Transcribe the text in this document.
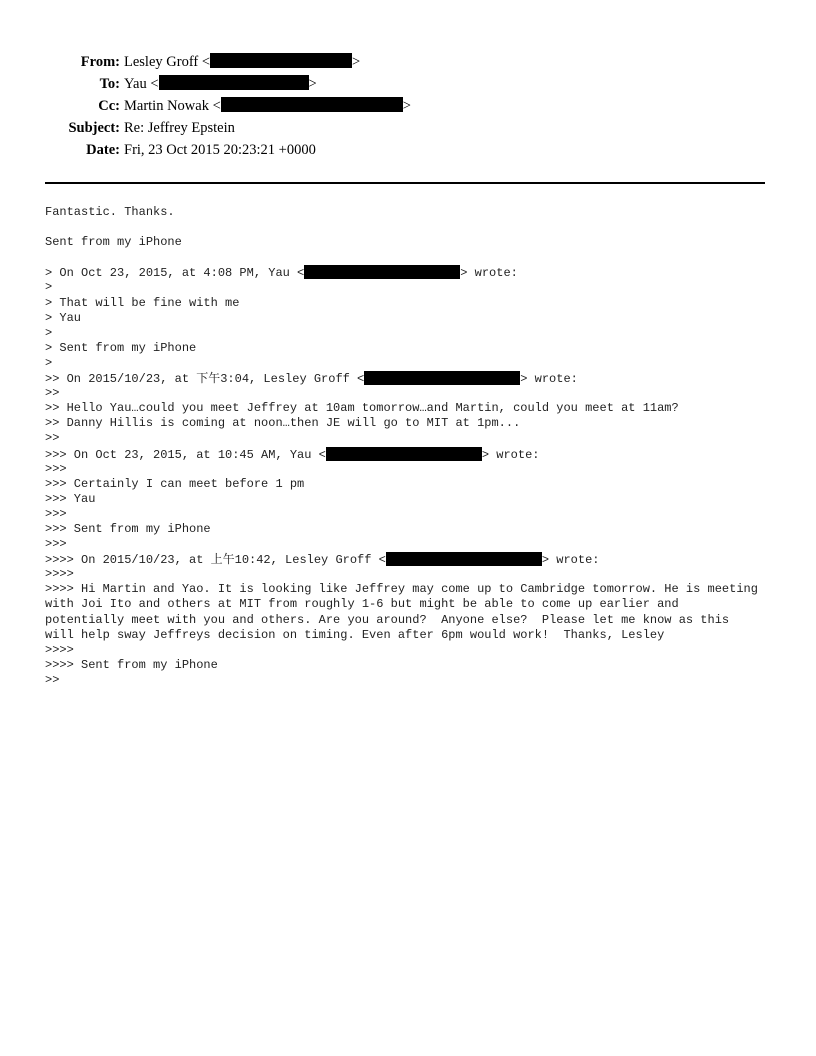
From: Lesley Groff <	>
To: Yau <	>
Cc: Martin Nowak <	>
Subject: Re: Jeffrey Epstein
Date: Fri, 23 Oct 2015 20:23:21 +0000
Fantastic. Thanks.
Sent from my iPhone
> On Oct 23, 2015, at 4:08 PM, Yau <	> wrote:
>
> That will be fine with me
> Yau
>
> Sent from my iPhone
>
>> On 2015/10/23, at 下午3:04, Lesley Groff <	> wrote:
>>
>> Hello Yau…could you meet Jeffrey at 10am tomorrow…and Martin, could you meet at 11am?
>> Danny Hillis is coming at noon…then JE will go to MIT at 1pm...
>>
>>> On Oct 23, 2015, at 10:45 AM, Yau <	> wrote:
>>>
>>> Certainly I can meet before 1 pm
>>> Yau
>>>
>>> Sent from my iPhone
>>>
>>>> On 2015/10/23, at 上午10:42, Lesley Groff <	> wrote:
>>>>
>>>> Hi Martin and Yao. It is looking like Jeffrey may come up to Cambridge tomorrow. He is meeting with Joi Ito and others at MIT from roughly 1-6 but might be able to come up earlier and potentially meet with you and others. Are you around?  Anyone else?  Please let me know as this will help sway Jeffreys decision on timing. Even after 6pm would work!  Thanks, Lesley
>>>>
>>>> Sent from my iPhone
>>
